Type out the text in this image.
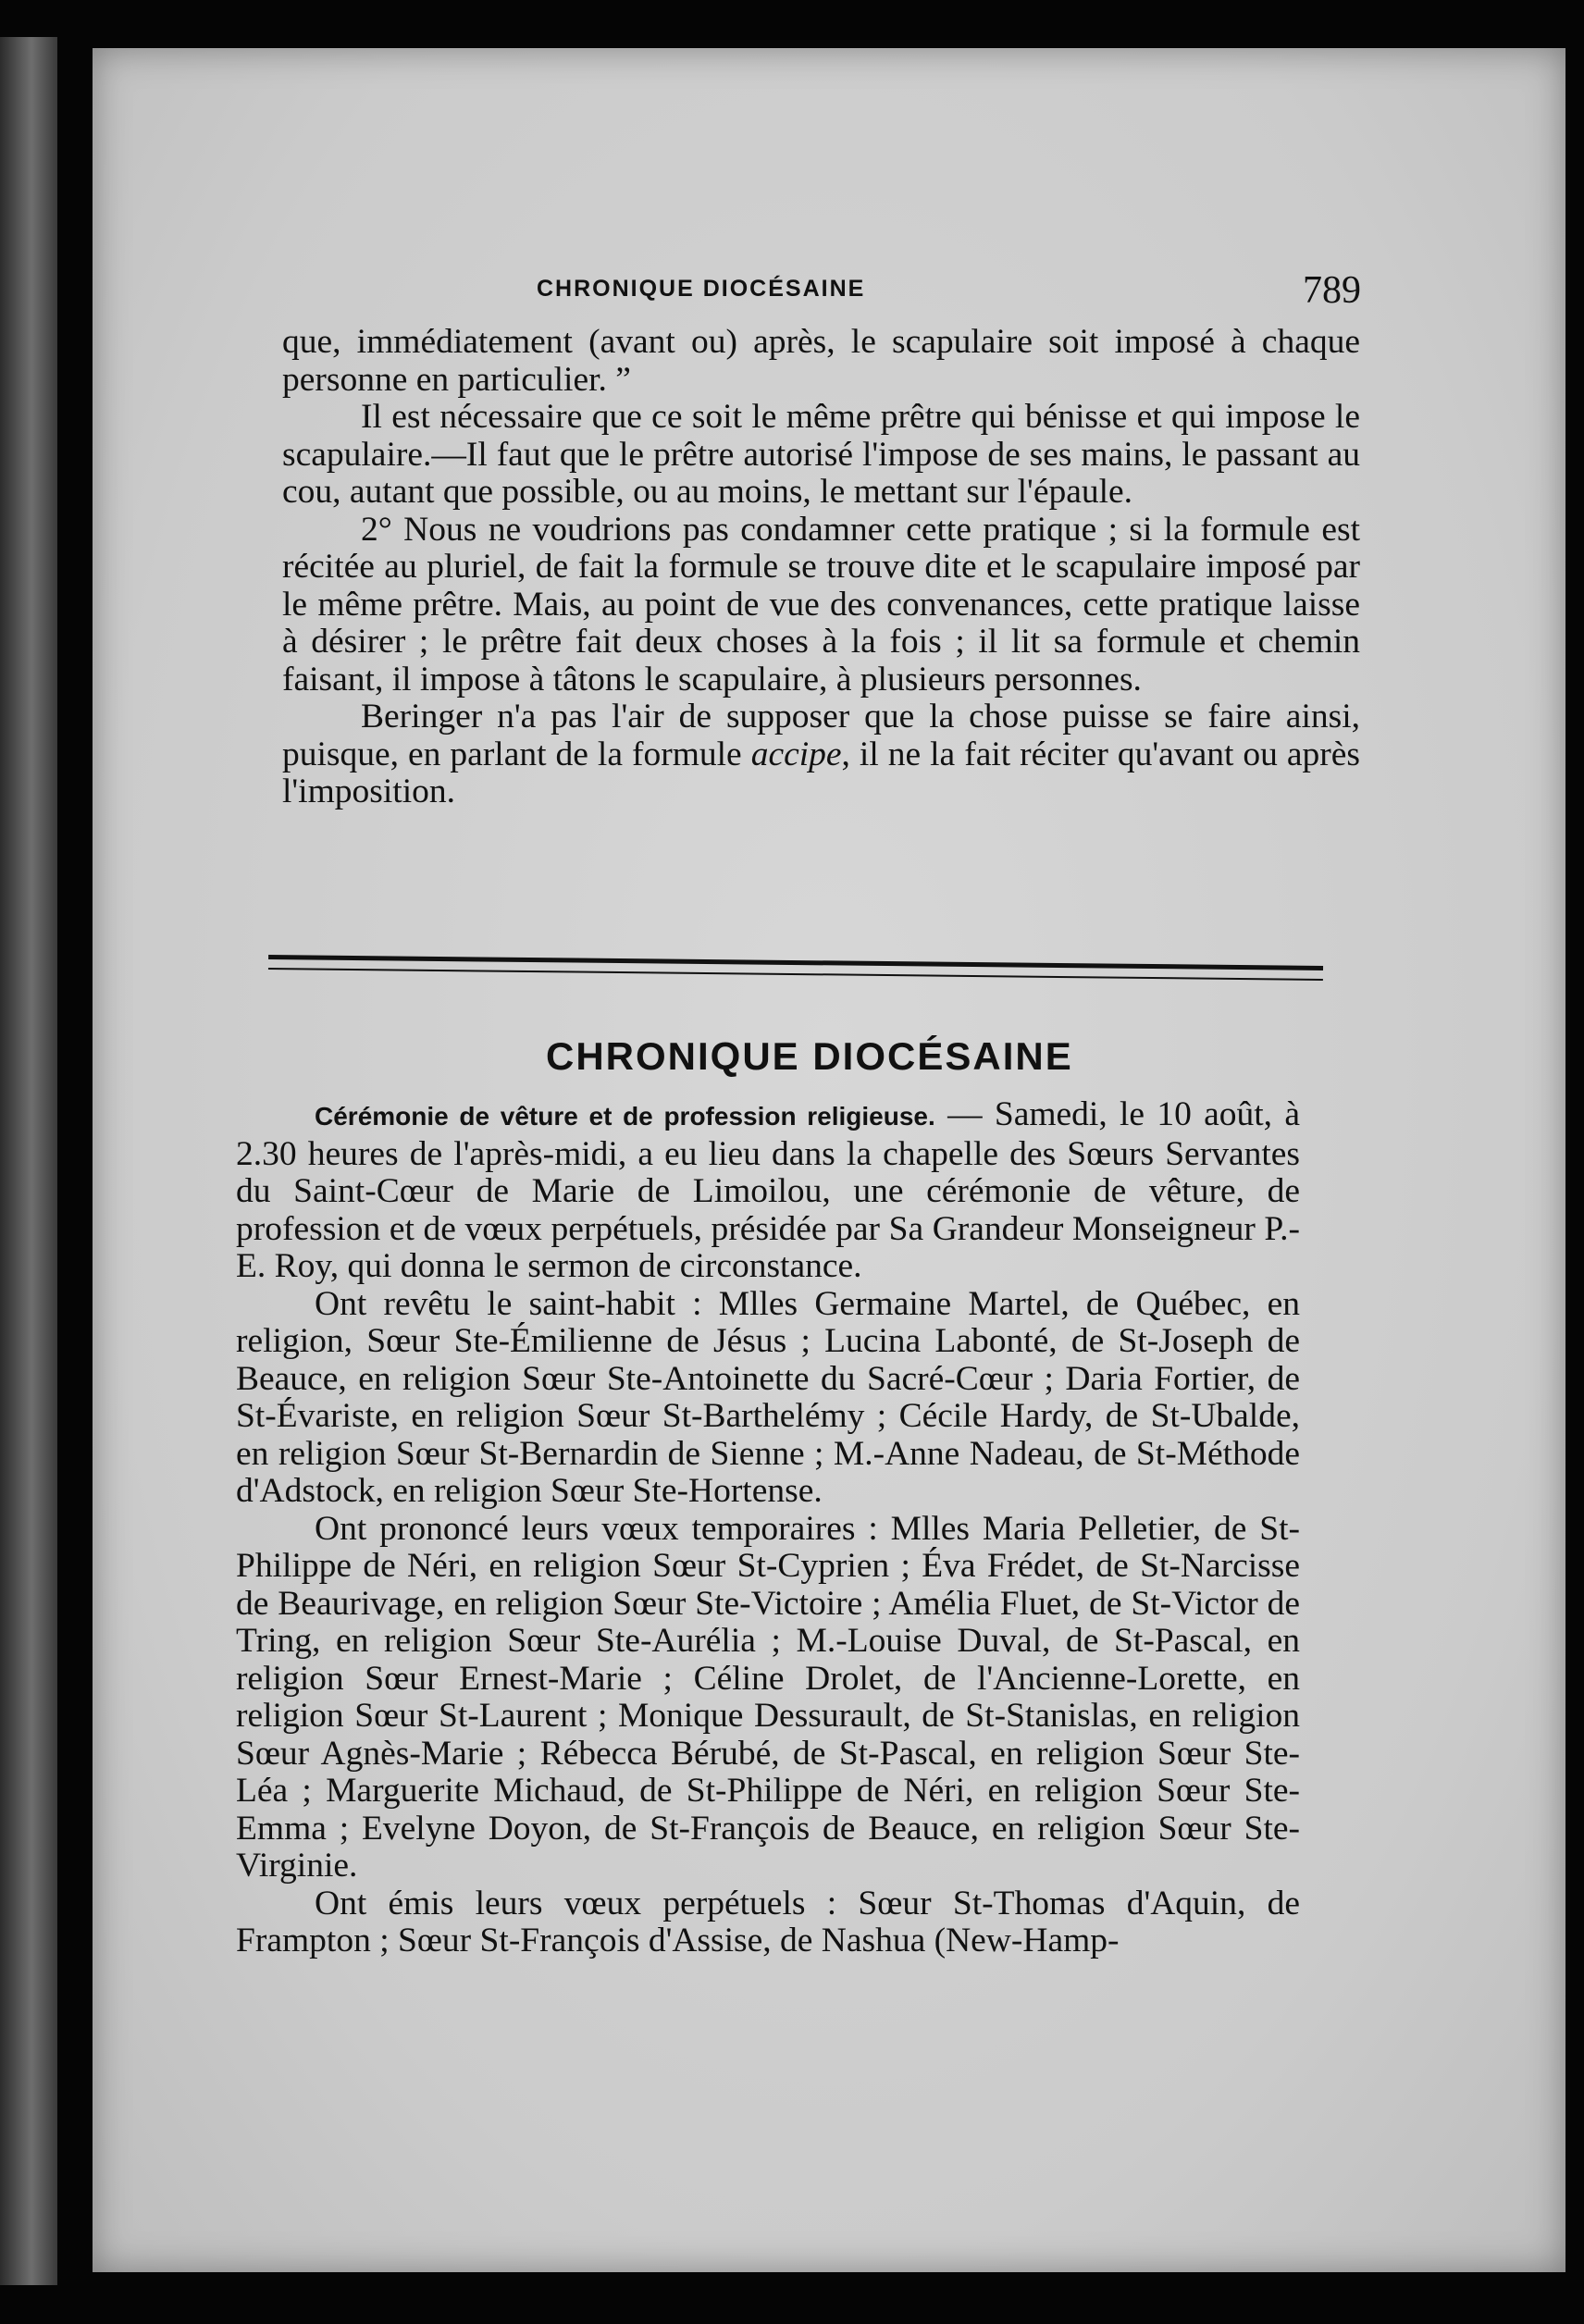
CHRONIQUE DIOCÉSAINE	789

que, immédiatement (avant ou) après, le scapulaire soit imposé à chaque personne en particulier. ”

Il est nécessaire que ce soit le même prêtre qui bénisse et qui impose le scapulaire.—Il faut que le prêtre autorisé l'impose de ses mains, le passant au cou, autant que possible, ou au moins, le mettant sur l'épaule.

2° Nous ne voudrions pas condamner cette pratique ; si la formule est récitée au pluriel, de fait la formule se trouve dite et le scapulaire imposé par le même prêtre. Mais, au point de vue des convenances, cette pratique laisse à désirer ; le prêtre fait deux choses à la fois ; il lit sa formule et chemin faisant, il impose à tâtons le scapulaire, à plusieurs personnes.

Beringer n'a pas l'air de supposer que la chose puisse se faire ainsi, puisque, en parlant de la formule accipe, il ne la fait réciter qu'avant ou après l'imposition.

CHRONIQUE DIOCÉSAINE

Cérémonie de vêture et de profession religieuse. — Samedi, le 10 août, à 2.30 heures de l'après-midi, a eu lieu dans la chapelle des Sœurs Servantes du Saint-Cœur de Marie de Limoilou, une cérémonie de vêture, de profession et de vœux perpétuels, présidée par Sa Grandeur Monseigneur P.-E. Roy, qui donna le sermon de circonstance.

Ont revêtu le saint-habit : Mlles Germaine Martel, de Québec, en religion, Sœur Ste-Émilienne de Jésus ; Lucina Labonté, de St-Joseph de Beauce, en religion Sœur Ste-Antoinette du Sacré-Cœur ; Daria Fortier, de St-Évariste, en religion Sœur St-Barthelémy ; Cécile Hardy, de St-Ubalde, en religion Sœur St-Bernardin de Sienne ; M.-Anne Nadeau, de St-Méthode d'Adstock, en religion Sœur Ste-Hortense.

Ont prononcé leurs vœux temporaires : Mlles Maria Pelletier, de St-Philippe de Néri, en religion Sœur St-Cyprien ; Éva Frédet, de St-Narcisse de Beaurivage, en religion Sœur Ste-Victoire ; Amélia Fluet, de St-Victor de Tring, en religion Sœur Ste-Aurélia ; M.-Louise Duval, de St-Pascal, en religion Sœur Ernest-Marie ; Céline Drolet, de l'Ancienne-Lorette, en religion Sœur St-Laurent ; Monique Dessurault, de St-Stanislas, en religion Sœur Agnès-Marie ; Rébecca Bérubé, de St-Pascal, en religion Sœur Ste-Léa ; Marguerite Michaud, de St-Philippe de Néri, en religion Sœur Ste-Emma ; Evelyne Doyon, de St-François de Beauce, en religion Sœur Ste-Virginie.

Ont émis leurs vœux perpétuels : Sœur St-Thomas d'Aquin, de Frampton ; Sœur St-François d'Assise, de Nashua (New-Hamp-
